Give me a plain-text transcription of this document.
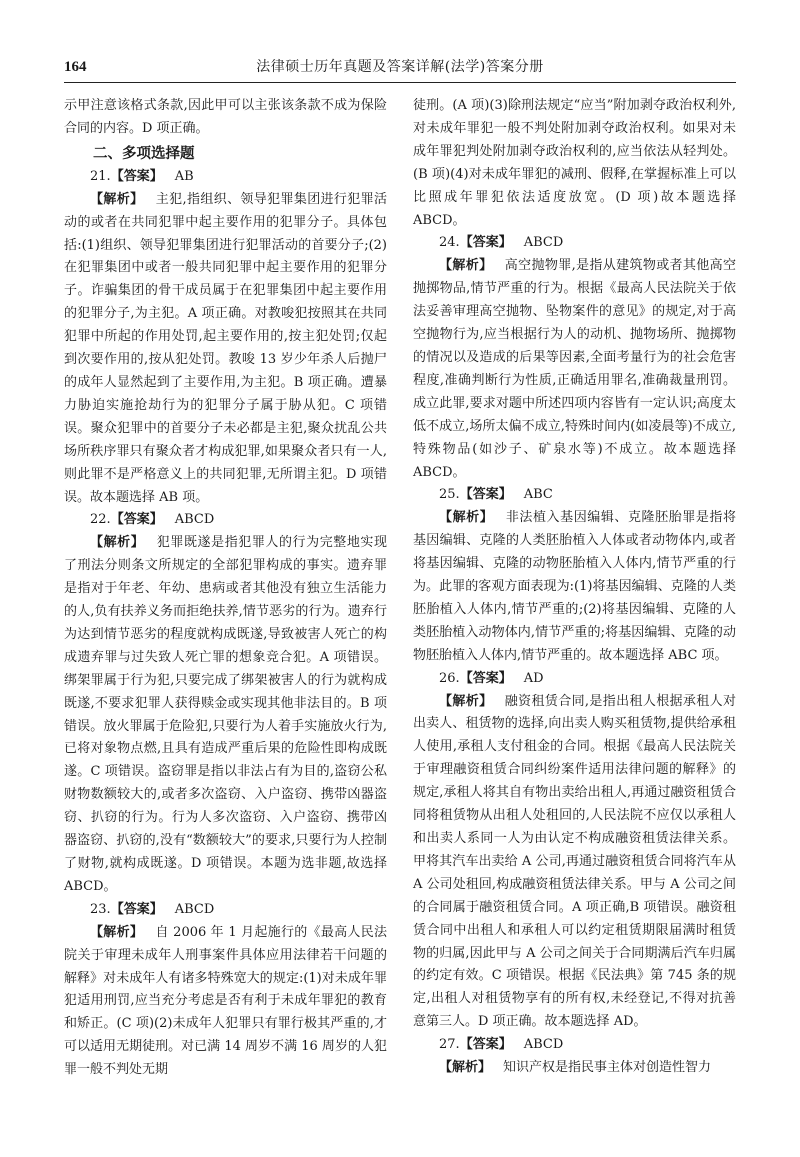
164	法律硕士历年真题及答案详解(法学)答案分册

示甲注意该格式条款,因此甲可以主张该条款不成为保险合同的内容。D 项正确。

二、多项选择题
21.【答案】 AB

【解析】 主犯,指组织、领导犯罪集团进行犯罪活动的或者在共同犯罪中起主要作用的犯罪分子。具体包括:(1)组织、领导犯罪集团进行犯罪活动的首要分子;(2)在犯罪集团中或者一般共同犯罪中起主要作用的犯罪分子。诈骗集团的骨干成员属于在犯罪集团中起主要作用的犯罪分子,为主犯。A 项正确。对教唆犯按照其在共同犯罪中所起的作用处罚,起主要作用的,按主犯处罚;仅起到次要作用的,按从犯处罚。教唆 13 岁少年杀人后抛尸的成年人显然起到了主要作用,为主犯。B 项正确。遭暴力胁迫实施抢劫行为的犯罪分子属于胁从犯。C 项错误。聚众犯罪中的首要分子未必都是主犯,聚众扰乱公共场所秩序罪只有聚众者才构成犯罪,如果聚众者只有一人,则此罪不是严格意义上的共同犯罪,无所谓主犯。D 项错误。故本题选择 AB 项。

22.【答案】 ABCD

【解析】 犯罪既遂是指犯罪人的行为完整地实现了刑法分则条文所规定的全部犯罪构成的事实。遗弃罪是指对于年老、年幼、患病或者其他没有独立生活能力的人,负有扶养义务而拒绝扶养,情节恶劣的行为。遗弃行为达到情节恶劣的程度就构成既遂,导致被害人死亡的构成遗弃罪与过失致人死亡罪的想象竞合犯。A 项错误。绑架罪属于行为犯,只要完成了绑架被害人的行为就构成既遂,不要求犯罪人获得赎金或实现其他非法目的。B 项错误。放火罪属于危险犯,只要行为人着手实施放火行为,已将对象物点燃,且具有造成严重后果的危险性即构成既遂。C 项错误。盗窃罪是指以非法占有为目的,盗窃公私财物数额较大的,或者多次盗窃、入户盗窃、携带凶器盗窃、扒窃的行为。行为人多次盗窃、入户盗窃、携带凶器盗窃、扒窃的,没有“数额较大”的要求,只要行为人控制了财物,就构成既遂。D 项错误。本题为选非题,故选择 ABCD。

23.【答案】 ABCD

【解析】 自 2006 年 1 月起施行的《最高人民法院关于审理未成年人刑事案件具体应用法律若干问题的解释》对未成年人有诸多特殊宽大的规定:(1)对未成年罪犯适用刑罚,应当充分考虑是否有利于未成年罪犯的教育和矫正。(C 项)(2)未成年人犯罪只有罪行极其严重的,才可以适用无期徒刑。对已满 14 周岁不满 16 周岁的人犯罪一般不判处无期

徒刑。(A 项)(3)除刑法规定“应当”附加剥夺政治权利外,对未成年罪犯一般不判处附加剥夺政治权利。如果对未成年罪犯判处附加剥夺政治权利的,应当依法从轻判处。(B 项)(4)对未成年罪犯的减刑、假释,在掌握标准上可以比照成年罪犯依法适度放宽。(D 项)故本题选择 ABCD。

24.【答案】 ABCD

【解析】 高空抛物罪,是指从建筑物或者其他高空抛掷物品,情节严重的行为。根据《最高人民法院关于依法妥善审理高空抛物、坠物案件的意见》的规定,对于高空抛物行为,应当根据行为人的动机、抛物场所、抛掷物的情况以及造成的后果等因素,全面考量行为的社会危害程度,准确判断行为性质,正确适用罪名,准确裁量刑罚。成立此罪,要求对题中所述四项内容皆有一定认识;高度太低不成立,场所太偏不成立,特殊时间内(如凌晨等)不成立,特殊物品(如沙子、矿泉水等)不成立。故本题选择 ABCD。

25.【答案】 ABC

【解析】 非法植入基因编辑、克隆胚胎罪是指将基因编辑、克隆的人类胚胎植入人体或者动物体内,或者将基因编辑、克隆的动物胚胎植入人体内,情节严重的行为。此罪的客观方面表现为:(1)将基因编辑、克隆的人类胚胎植入人体内,情节严重的;(2)将基因编辑、克隆的人类胚胎植入动物体内,情节严重的;将基因编辑、克隆的动物胚胎植入人体内,情节严重的。故本题选择 ABC 项。

26.【答案】 AD

【解析】 融资租赁合同,是指出租人根据承租人对出卖人、租赁物的选择,向出卖人购买租赁物,提供给承租人使用,承租人支付租金的合同。根据《最高人民法院关于审理融资租赁合同纠纷案件适用法律问题的解释》的规定,承租人将其自有物出卖给出租人,再通过融资租赁合同将租赁物从出租人处租回的,人民法院不应仅以承租人和出卖人系同一人为由认定不构成融资租赁法律关系。甲将其汽车出卖给 A 公司,再通过融资租赁合同将汽车从 A 公司处租回,构成融资租赁法律关系。甲与 A 公司之间的合同属于融资租赁合同。A 项正确,B 项错误。融资租赁合同中出租人和承租人可以约定租赁期限届满时租赁物的归属,因此甲与 A 公司之间关于合同期满后汽车归属的约定有效。C 项错误。根据《民法典》第 745 条的规定,出租人对租赁物享有的所有权,未经登记,不得对抗善意第三人。D 项正确。故本题选择 AD。

27.【答案】 ABCD

【解析】 知识产权是指民事主体对创造性智力
